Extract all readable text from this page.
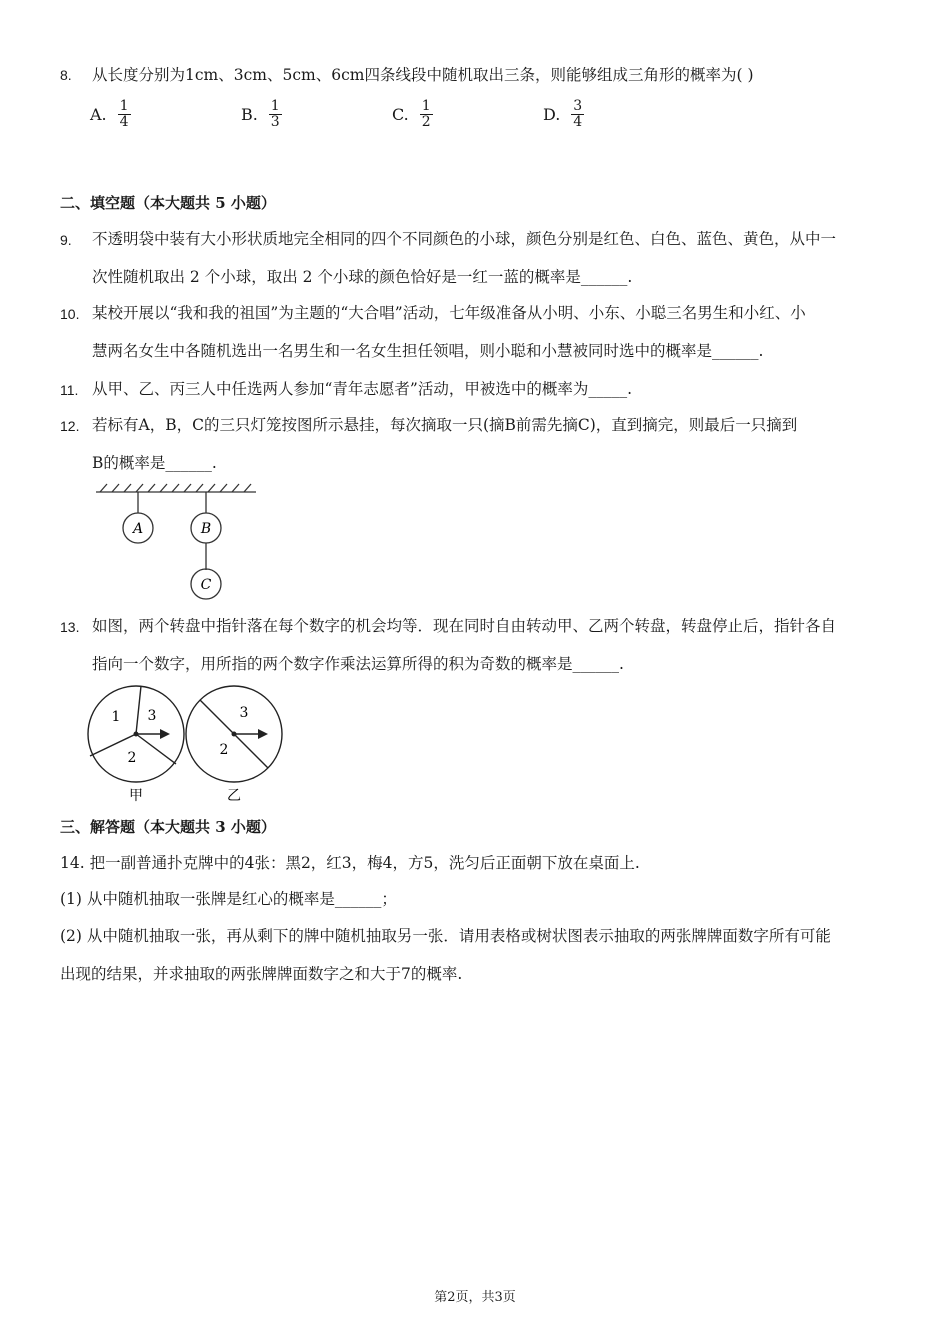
8. 从长度分别为1cm、3cm、5cm、6cm四条线段中随机取出三条，则能够组成三角形的概率为( )
A. $\frac{1}{4}$	B. $\frac{1}{3}$	C. $\frac{1}{2}$	D. $\frac{3}{4}$
二、填空题（本大题共 5 小题）
9. 不透明袋中装有大小形状质地完全相同的四个不同颜色的小球，颜色分别是红色、白色、蓝色、黄色，从中一
次性随机取出 2 个小球，取出 2 个小球的颜色恰好是一红一蓝的概率是______.
10. 某校开展以“我和我的祖国”为主题的“大合唱”活动，七年级准备从小明、小东、小聪三名男生和小红、小
慧两名女生中各随机选出一名男生和一名女生担任领唱，则小聪和小慧被同时选中的概率是______.
11. 从甲、乙、丙三人中任选两人参加“青年志愿者”活动，甲被选中的概率为_____.
12. 若标有A，B，C的三只灯笼按图所示悬挂，每次摘取一只(摘B前需先摘C)，直到摘完，则最后一只摘到
B的概率是______.
A	B
C
13. 如图，两个转盘中指针落在每个数字的机会均等．现在同时自由转动甲、乙两个转盘，转盘停止后，指针各自
指向一个数字，用所指的两个数字作乘法运算所得的积为奇数的概率是______.
1 3
2
3
2
甲	乙
三、解答题（本大题共 3 小题）
14. 把一副普通扑克牌中的4张：黑2，红3，梅4，方5，洗匀后正面朝下放在桌面上.
(1) 从中随机抽取一张牌是红心的概率是______；
(2) 从中随机抽取一张，再从剩下的牌中随机抽取另一张．请用表格或树状图表示抽取的两张牌牌面数字所有可能
出现的结果，并求抽取的两张牌牌面数字之和大于7的概率.
第2页，共3页
